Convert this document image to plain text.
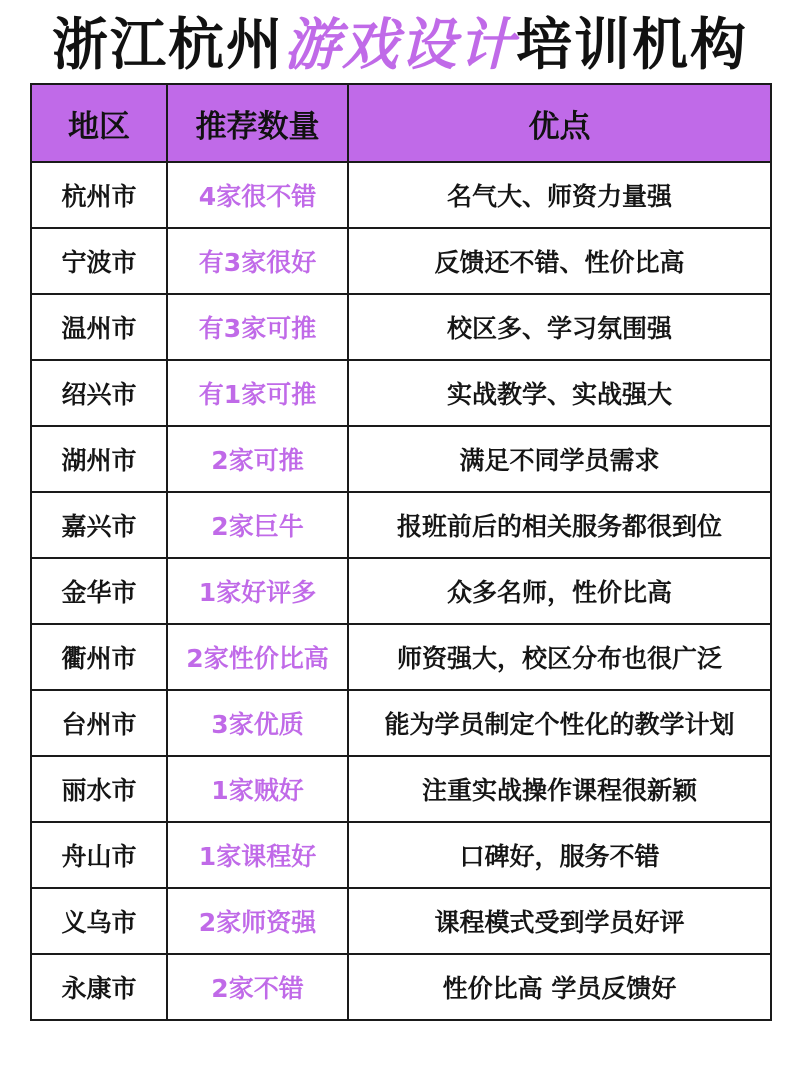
浙江杭州游戏设计培训机构
地区	推荐数量	优点
杭州市	4家很不错	名气大、师资力量强
宁波市	有3家很好	反馈还不错、性价比高
温州市	有3家可推	校区多、学习氛围强
绍兴市	有1家可推	实战教学、实战强大
湖州市	2家可推	满足不同学员需求
嘉兴市	2家巨牛	报班前后的相关服务都很到位
金华市	1家好评多	众多名师，性价比高
衢州市	2家性价比高	师资强大，校区分布也很广泛
台州市	3家优质	能为学员制定个性化的教学计划
丽水市	1家贼好	注重实战操作课程很新颖
舟山市	1家课程好	口碑好，服务不错
义乌市	2家师资强	课程模式受到学员好评
永康市	2家不错	性价比高 学员反馈好
